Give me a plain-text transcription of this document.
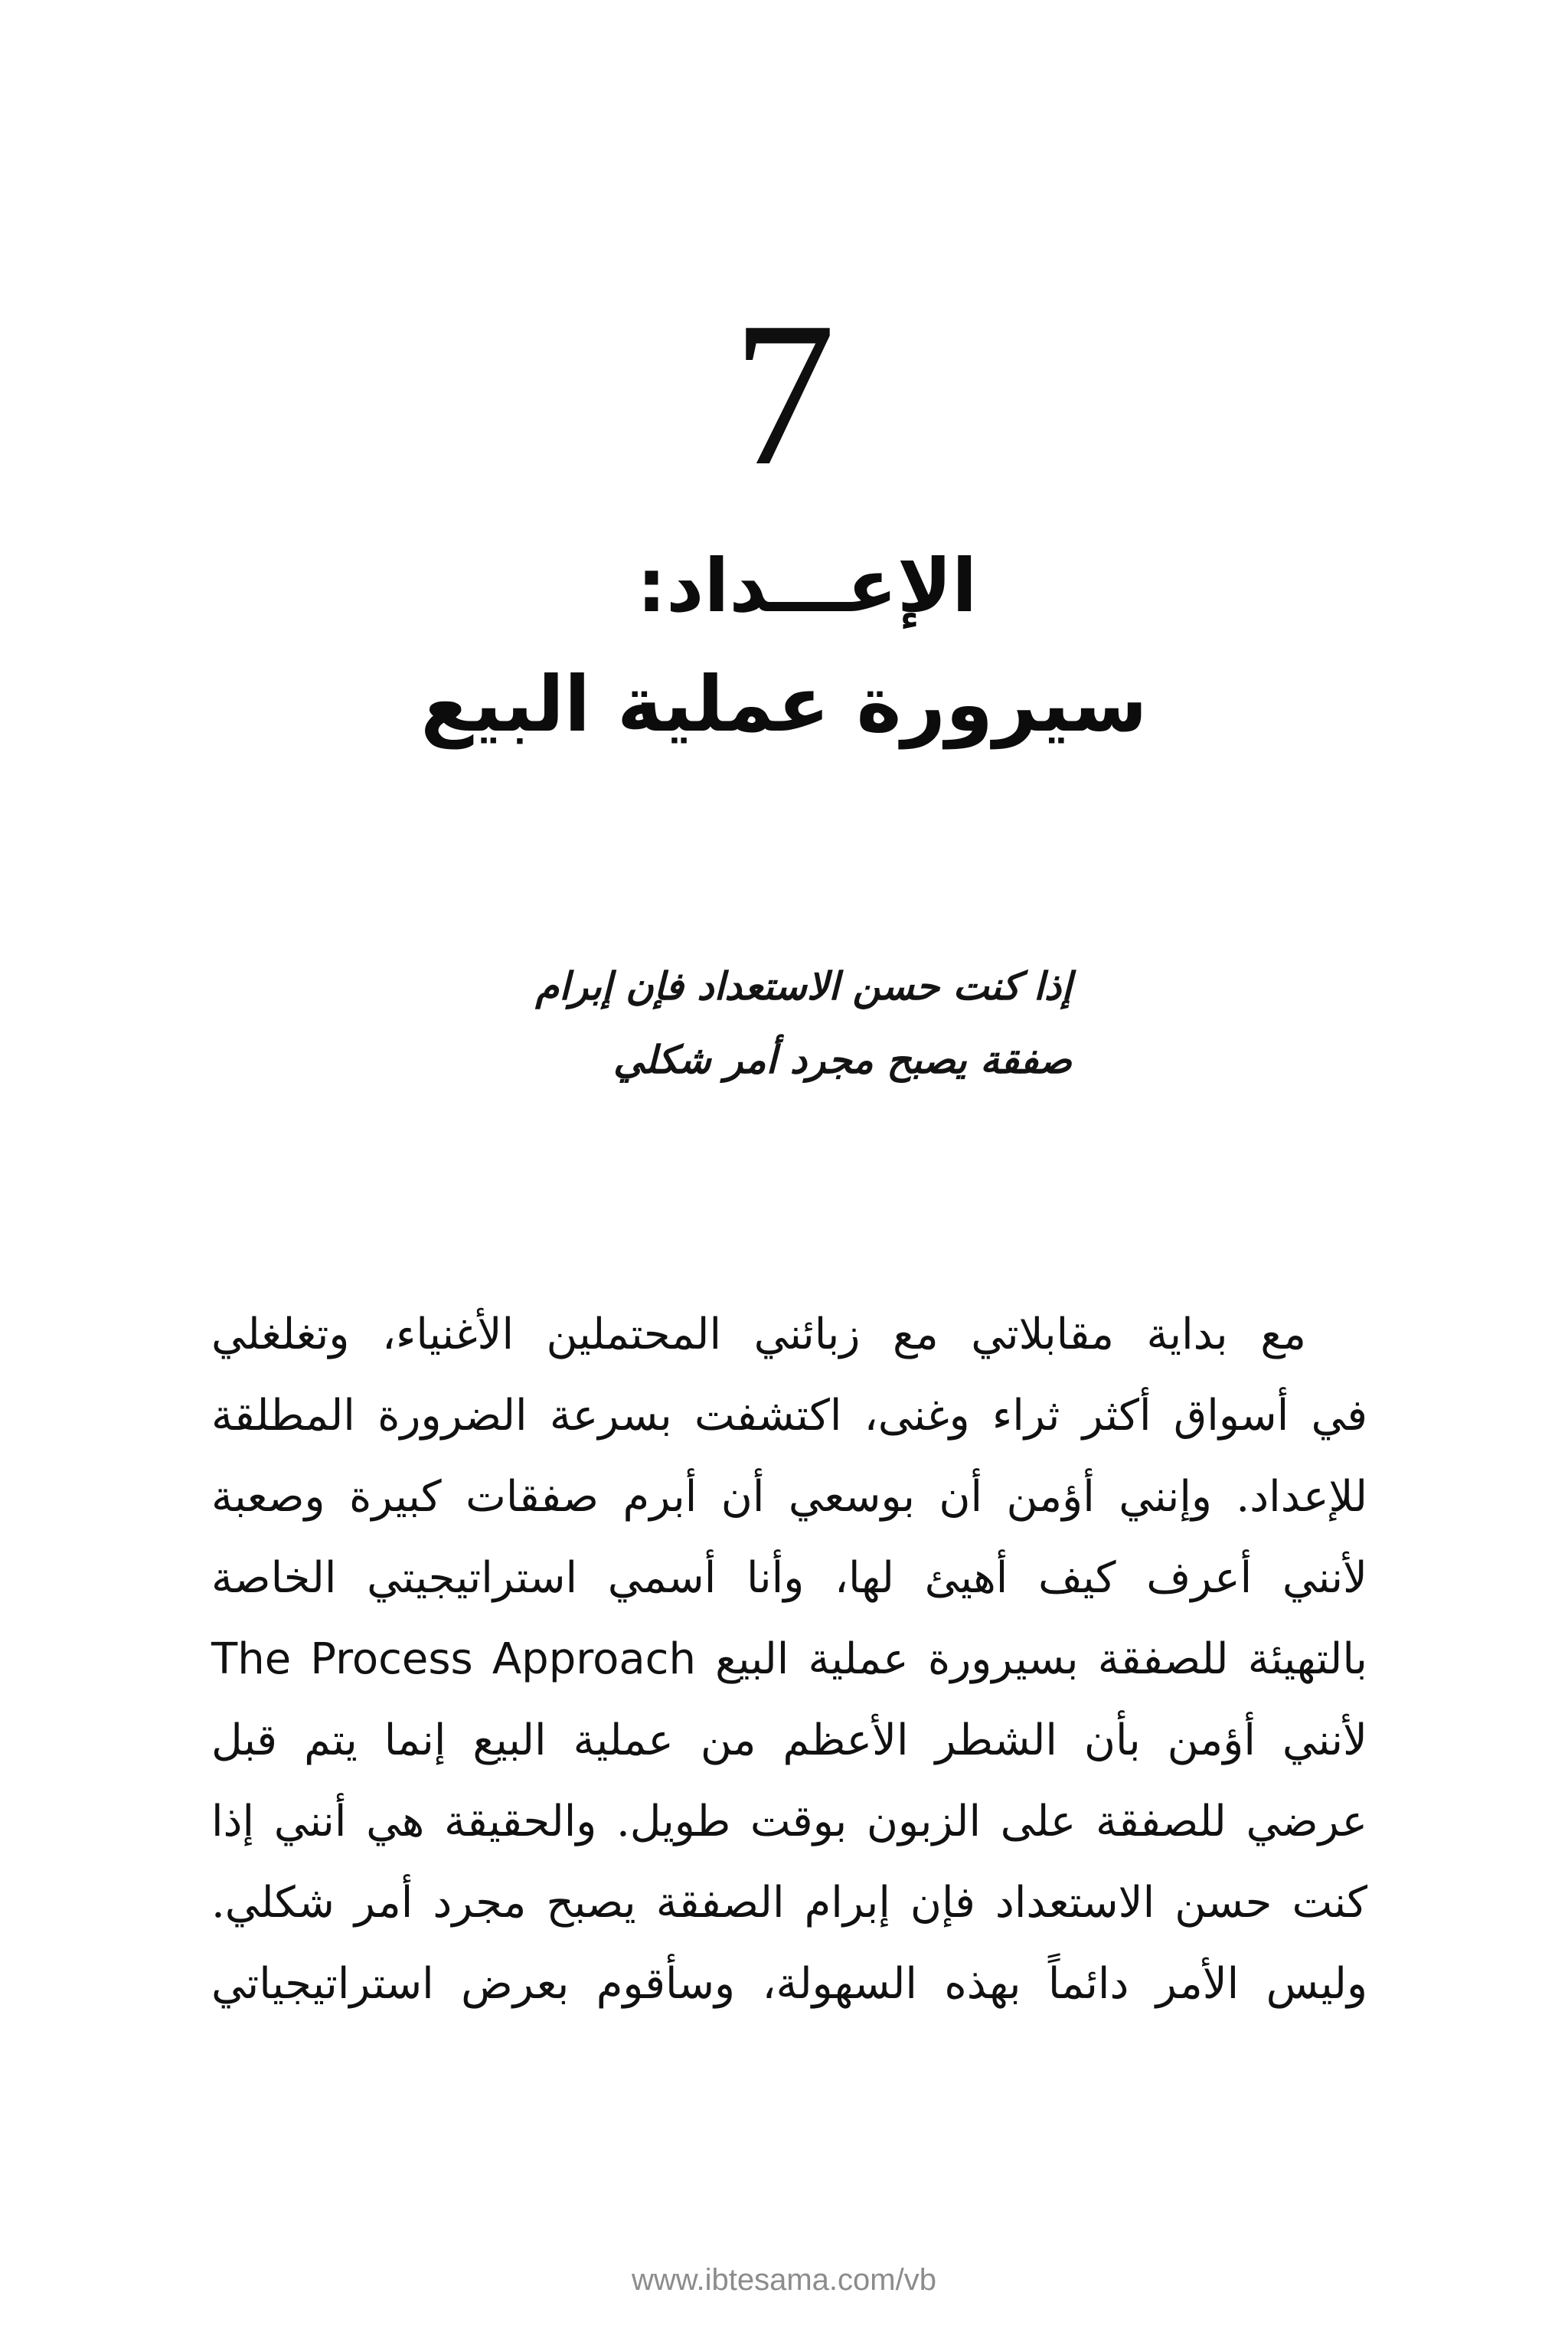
7
الإعـــداد:
سيرورة عملية البيع
إذا كنت حسن الاستعداد فإن إبرام
صفقة يصبح مجرد أمر شكلي
مع بداية مقابلاتي مع زبائني المحتملين الأغنياء، وتغلغلي
في أسواق أكثر ثراء وغنى، اكتشفت بسرعة الضرورة المطلقة
للإعداد. وإنني أؤمن أن بوسعي أن أبرم صفقات كبيرة وصعبة
لأنني أعرف كيف أهيئ لها، وأنا أسمي استراتيجيتي الخاصة
بالتهيئة للصفقة بسيرورة عملية البيع The Process Approach
لأنني أؤمن بأن الشطر الأعظم من عملية البيع إنما يتم قبل
عرضي للصفقة على الزبون بوقت طويل. والحقيقة هي أنني إذا
كنت حسن الاستعداد فإن إبرام الصفقة يصبح مجرد أمر شكلي.
وليس الأمر دائماً بهذه السهولة، وسأقوم بعرض استراتيجياتي
www.ibtesama.com/vb
